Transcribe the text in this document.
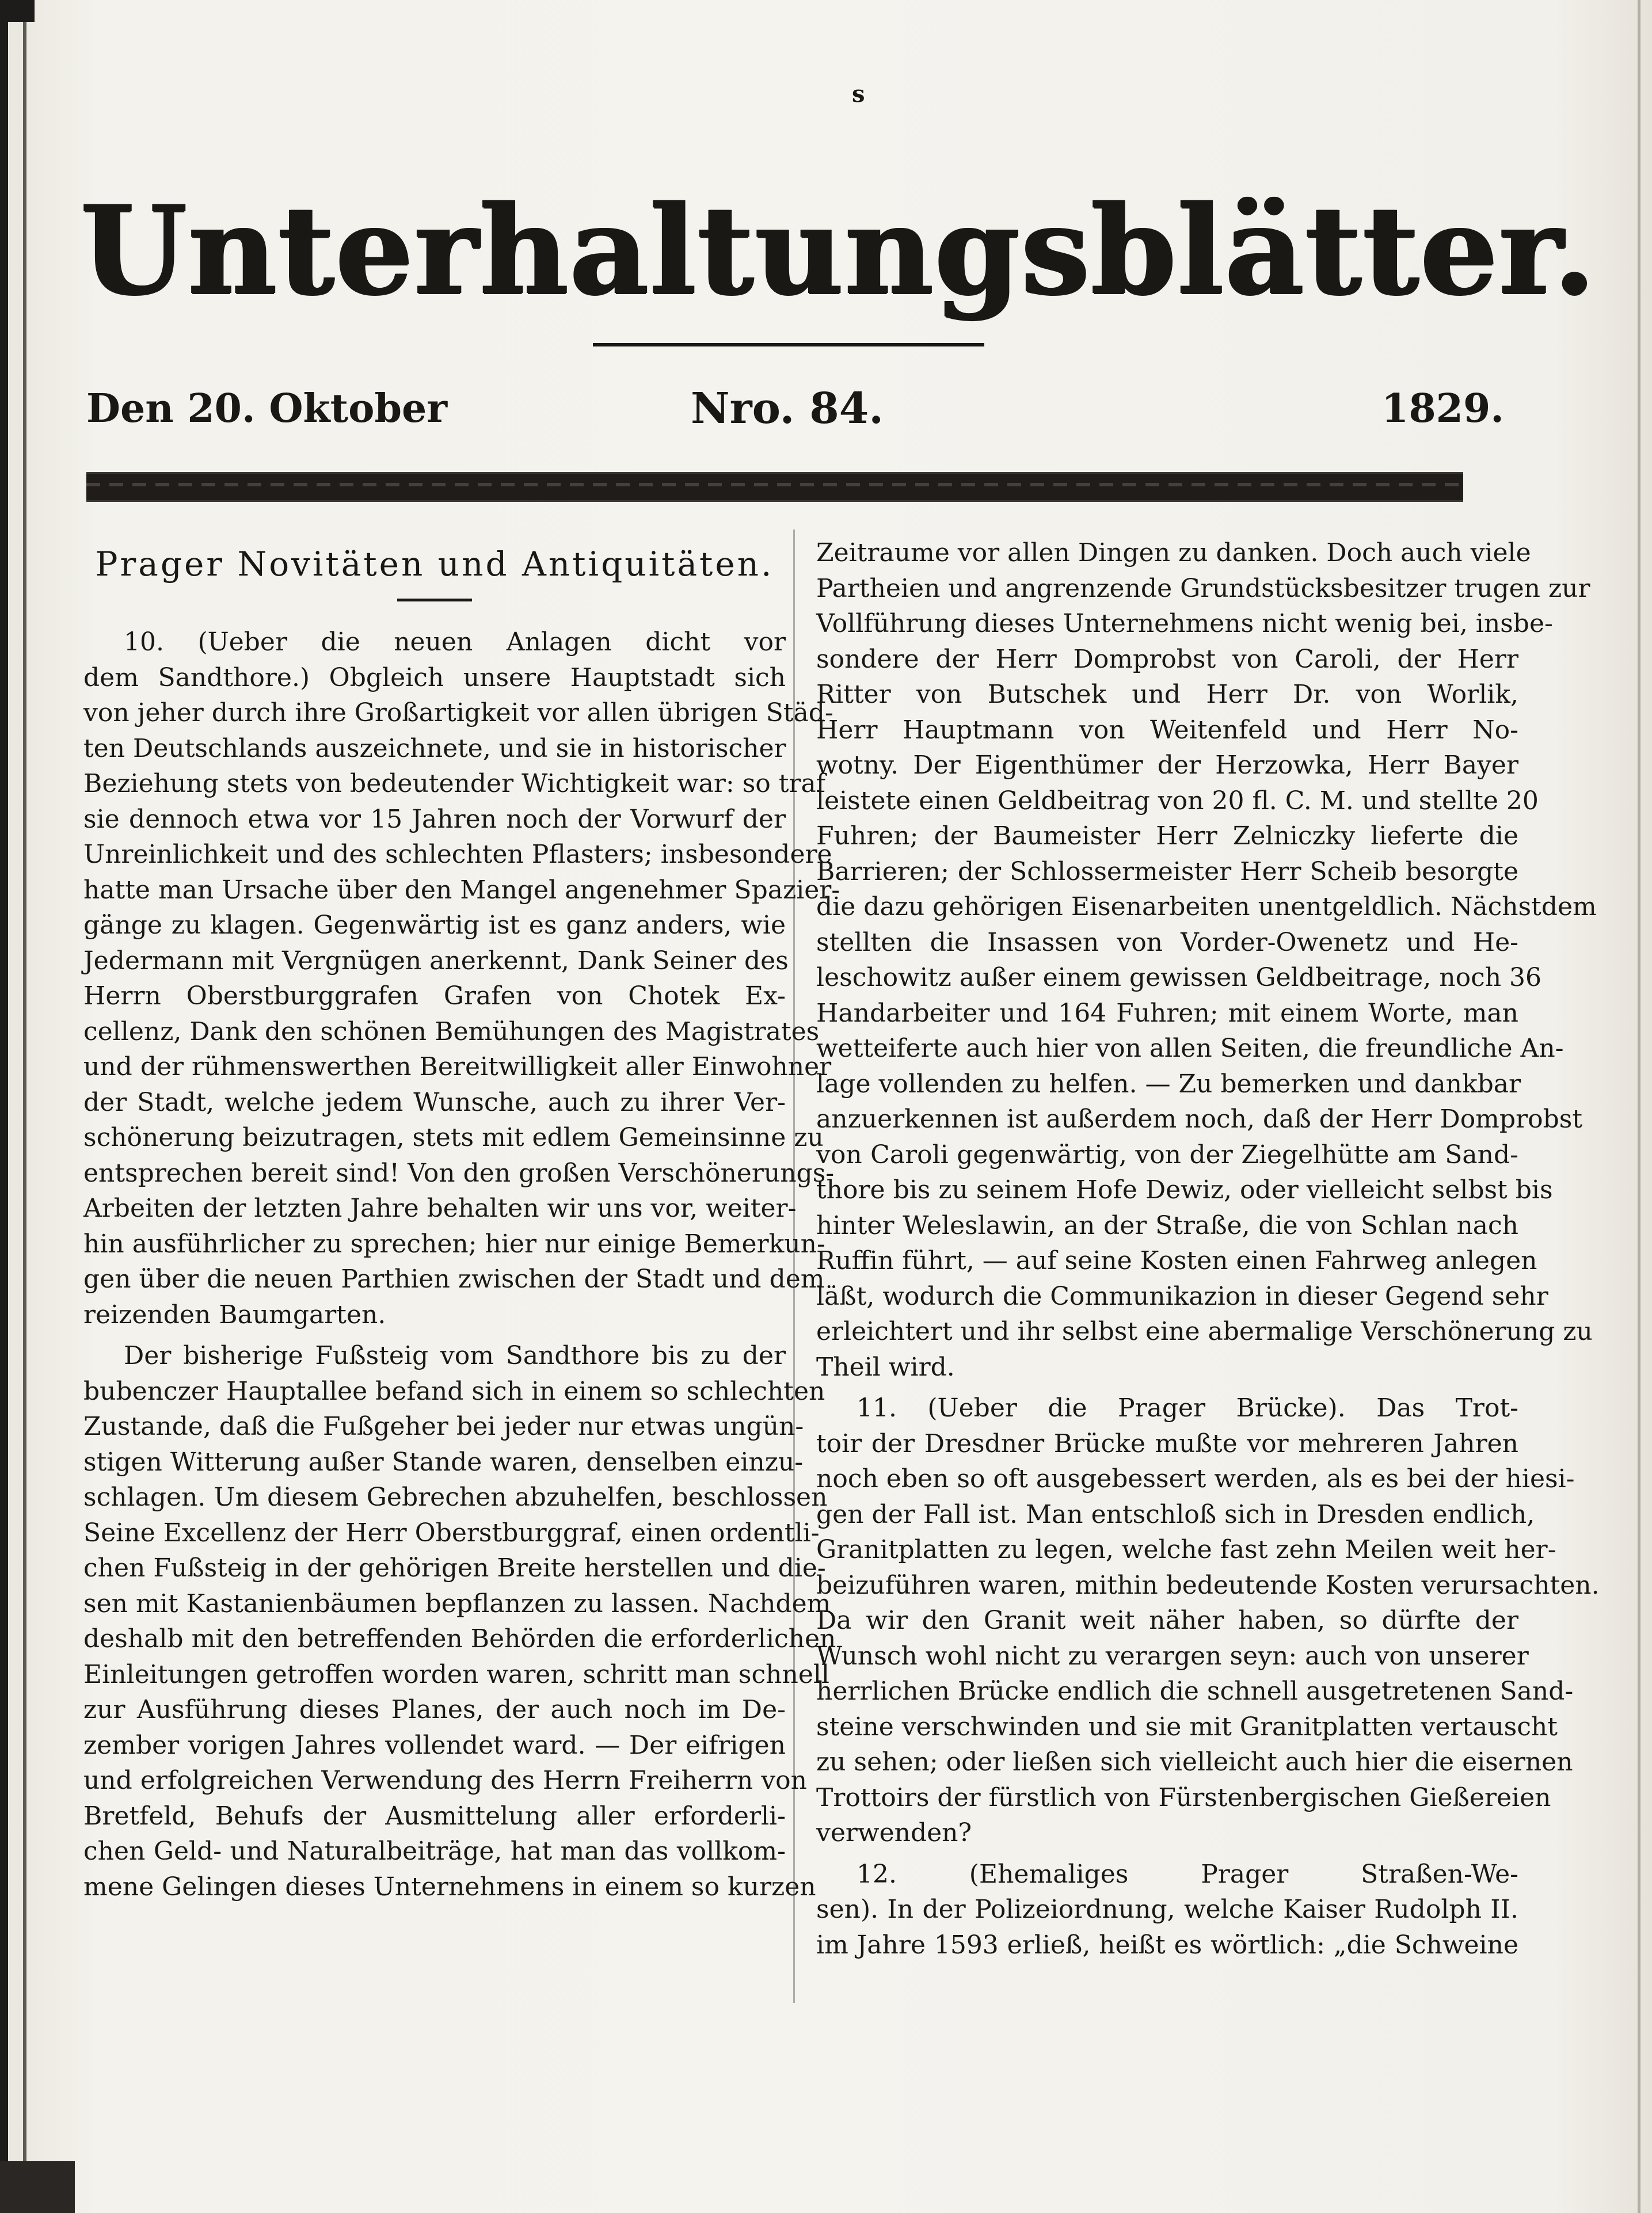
s
Unterhaltungsblätter.
Den 20. Oktober	Nro. 84.	1829.
Prager Novitäten und Antiquitäten.
10. (Ueber die neuen Anlagen dicht vor
dem Sandthore.) Obgleich unsere Hauptstadt sich
von jeher durch ihre Großartigkeit vor allen übrigen Städ-
ten Deutschlands auszeichnete, und sie in historischer
Beziehung stets von bedeutender Wichtigkeit war: so traf
sie dennoch etwa vor 15 Jahren noch der Vorwurf der
Unreinlichkeit und des schlechten Pflasters; insbesondere
hatte man Ursache über den Mangel angenehmer Spazier-
gänge zu klagen. Gegenwärtig ist es ganz anders, wie
Jedermann mit Vergnügen anerkennt, Dank Seiner des
Herrn Oberstburggrafen Grafen von Chotek Ex-
cellenz, Dank den schönen Bemühungen des Magistrates
und der rühmenswerthen Bereitwilligkeit aller Einwohner
der Stadt, welche jedem Wunsche, auch zu ihrer Ver-
schönerung beizutragen, stets mit edlem Gemeinsinne zu
entsprechen bereit sind! Von den großen Verschönerungs-
Arbeiten der letzten Jahre behalten wir uns vor, weiter-
hin ausführlicher zu sprechen; hier nur einige Bemerkun-
gen über die neuen Parthien zwischen der Stadt und dem
reizenden Baumgarten.
Der bisherige Fußsteig vom Sandthore bis zu der
bubenczer Hauptallee befand sich in einem so schlechten
Zustande, daß die Fußgeher bei jeder nur etwas ungün-
stigen Witterung außer Stande waren, denselben einzu-
schlagen. Um diesem Gebrechen abzuhelfen, beschlossen
Seine Excellenz der Herr Oberstburggraf, einen ordentli-
chen Fußsteig in der gehörigen Breite herstellen und die-
sen mit Kastanienbäumen bepflanzen zu lassen. Nachdem
deshalb mit den betreffenden Behörden die erforderlichen
Einleitungen getroffen worden waren, schritt man schnell
zur Ausführung dieses Planes, der auch noch im De-
zember vorigen Jahres vollendet ward. — Der eifrigen
und erfolgreichen Verwendung des Herrn Freiherrn von
Bretfeld, Behufs der Ausmittelung aller erforderli-
chen Geld- und Naturalbeiträge, hat man das vollkom-
mene Gelingen dieses Unternehmens in einem so kurzen
Zeitraume vor allen Dingen zu danken. Doch auch viele
Partheien und angrenzende Grundstücksbesitzer trugen zur
Vollführung dieses Unternehmens nicht wenig bei, insbe-
sondere der Herr Domprobst von Caroli, der Herr
Ritter von Butschek und Herr Dr. von Worlik,
Herr Hauptmann von Weitenfeld und Herr No-
wotny. Der Eigenthümer der Herzowka, Herr Bayer
leistete einen Geldbeitrag von 20 fl. C. M. und stellte 20
Fuhren; der Baumeister Herr Zelniczky lieferte die
Barrieren; der Schlossermeister Herr Scheib besorgte
die dazu gehörigen Eisenarbeiten unentgeldlich. Nächstdem
stellten die Insassen von Vorder-Owenetz und He-
leschowitz außer einem gewissen Geldbeitrage, noch 36
Handarbeiter und 164 Fuhren; mit einem Worte, man
wetteiferte auch hier von allen Seiten, die freundliche An-
lage vollenden zu helfen. — Zu bemerken und dankbar
anzuerkennen ist außerdem noch, daß der Herr Domprobst
von Caroli gegenwärtig, von der Ziegelhütte am Sand-
thore bis zu seinem Hofe Dewiz, oder vielleicht selbst bis
hinter Weleslawin, an der Straße, die von Schlan nach
Ruffin führt, — auf seine Kosten einen Fahrweg anlegen
läßt, wodurch die Communikazion in dieser Gegend sehr
erleichtert und ihr selbst eine abermalige Verschönerung zu
Theil wird.
11. (Ueber die Prager Brücke). Das Trot-
toir der Dresdner Brücke mußte vor mehreren Jahren
noch eben so oft ausgebessert werden, als es bei der hiesi-
gen der Fall ist. Man entschloß sich in Dresden endlich,
Granitplatten zu legen, welche fast zehn Meilen weit her-
beizuführen waren, mithin bedeutende Kosten verursachten.
Da wir den Granit weit näher haben, so dürfte der
Wunsch wohl nicht zu verargen seyn: auch von unserer
herrlichen Brücke endlich die schnell ausgetretenen Sand-
steine verschwinden und sie mit Granitplatten vertauscht
zu sehen; oder ließen sich vielleicht auch hier die eisernen
Trottoirs der fürstlich von Fürstenbergischen Gießereien
verwenden?
12. (Ehemaliges Prager Straßen-We-
sen). In der Polizeiordnung, welche Kaiser Rudolph II.
im Jahre 1593 erließ, heißt es wörtlich: „die Schweine
